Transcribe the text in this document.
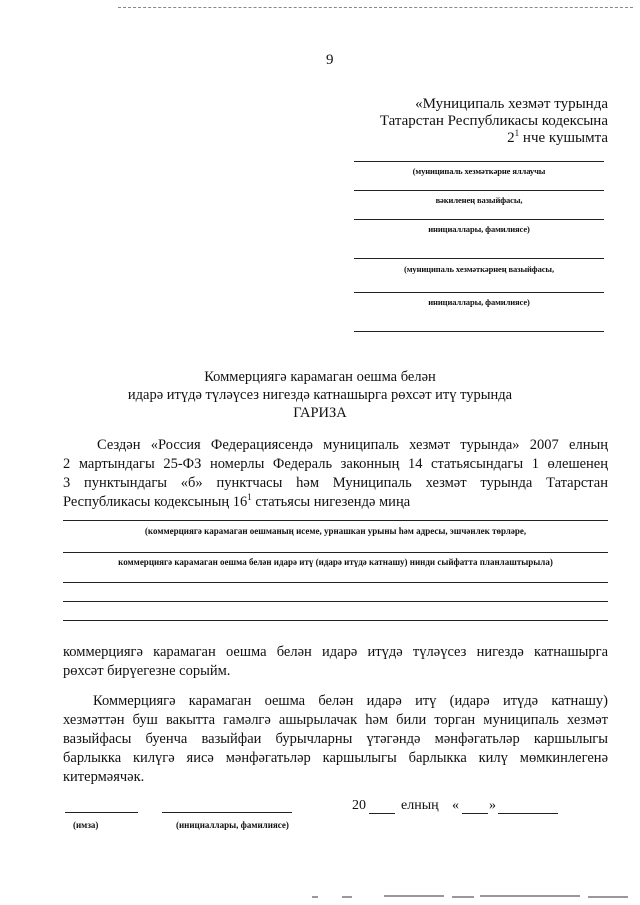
9
«Муниципаль хезмәт турында
Татарстан Республикасы кодексына
$2^1$ нче кушымта
(муниципаль хезмәткәрне яллаучы
вәкиленең вазыйфасы,
инициаллары, фамилиясе)
(муниципаль хезмәткәрнең вазыйфасы,
инициаллары, фамилиясе)
Коммерциягә карамаган оешма белән
идарә итүдә түләүсез нигездә катнашырга рөхсәт итү турында
ГАРИЗА
Сездән «Россия Федерациясендә муниципаль хезмәт турында» 2007 елның
2 мартындагы 25-ФЗ номерлы Федераль законның 14 статьясындагы 1 өлешенең
3 пунктындагы «б» пунктчасы һәм Муниципаль хезмәт турында Татарстан
Республикасы кодексының $16^1$ статьясы нигезендә миңа
(коммерциягә карамаган оешманың исеме, урнашкан урыны һәм адресы, эшчәнлек төрләре,
коммерциягә карамаган оешма белән идарә итү (идарә итүдә катнашу) нинди сыйфатта планлаштырыла)
коммерциягә карамаган оешма белән идарә итүдә түләүсез нигездә катнашырга
рөхсәт бирүегезне сорыйм.
Коммерциягә карамаган оешма белән идарә итү (идарә итүдә катнашу)
хезмәттән буш вакытта гамәлгә ашырылачак һәм били торган муниципаль хезмәт
вазыйфасы буенча вазыйфаи бурычларны үтәгәндә мәнфәгатьләр каршылыгы
барлыкка килүгә яисә мәнфәгатьләр каршылыгы барлыкка килү мөмкинлегенә
китермәячәк.
(имза)	(инициаллары, фамилиясе)
20	елның « »
